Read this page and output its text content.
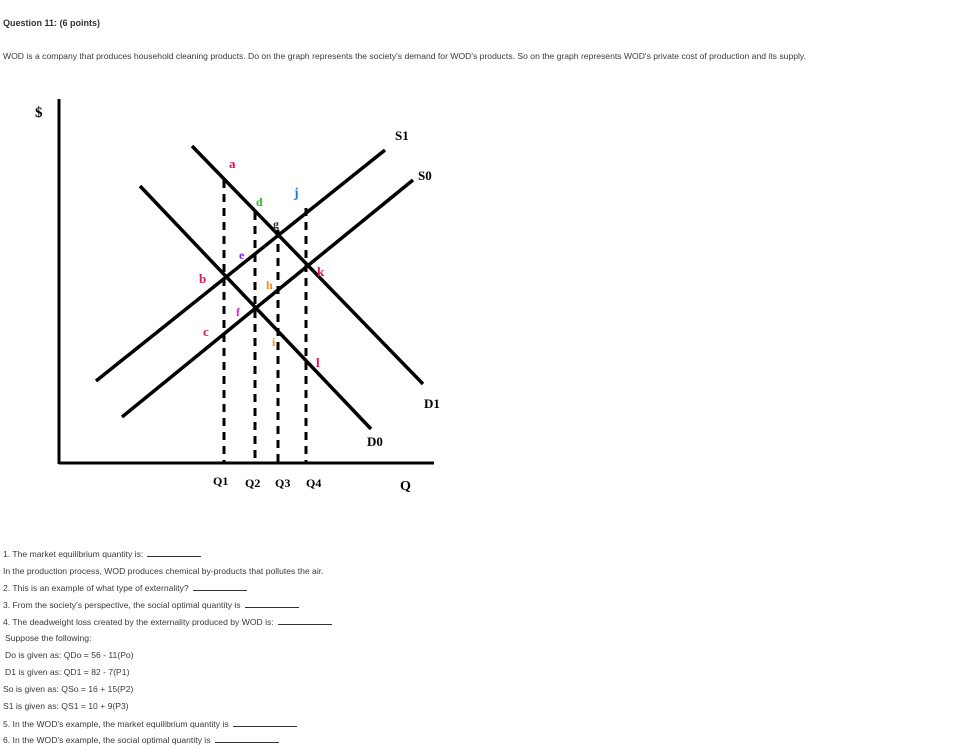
Question 11: (6 points)
WOD is a company that produces household cleaning products. Do on the graph represents the society's demand for WOD's products. So on the graph represents WOD's private cost of production and its supply.
$
Q
S1
S0
D1
D0
Q1 Q2 Q3 Q4
a
b
c
d
e
f
g
h
i
j
k
l
1. The market equilibrium quantity is:
In the production process, WOD produces chemical by-products that pollutes the air.
2. This is an example of what type of externality?
3. From the society's perspective, the social optimal quantity is
4. The deadweight loss created by the externality produced by WOD is:
Suppose the following:
Do is given as: QDo = 56 - 11(Po)
D1 is given as: QD1 = 82 - 7(P1)
So is given as: QSo = 16 + 15(P2)
S1 is given as: QS1 = 10 + 9(P3)
5. In the WOD's example, the market equilibrium quantity is
6. In the WOD's example, the social optimal quantity is
